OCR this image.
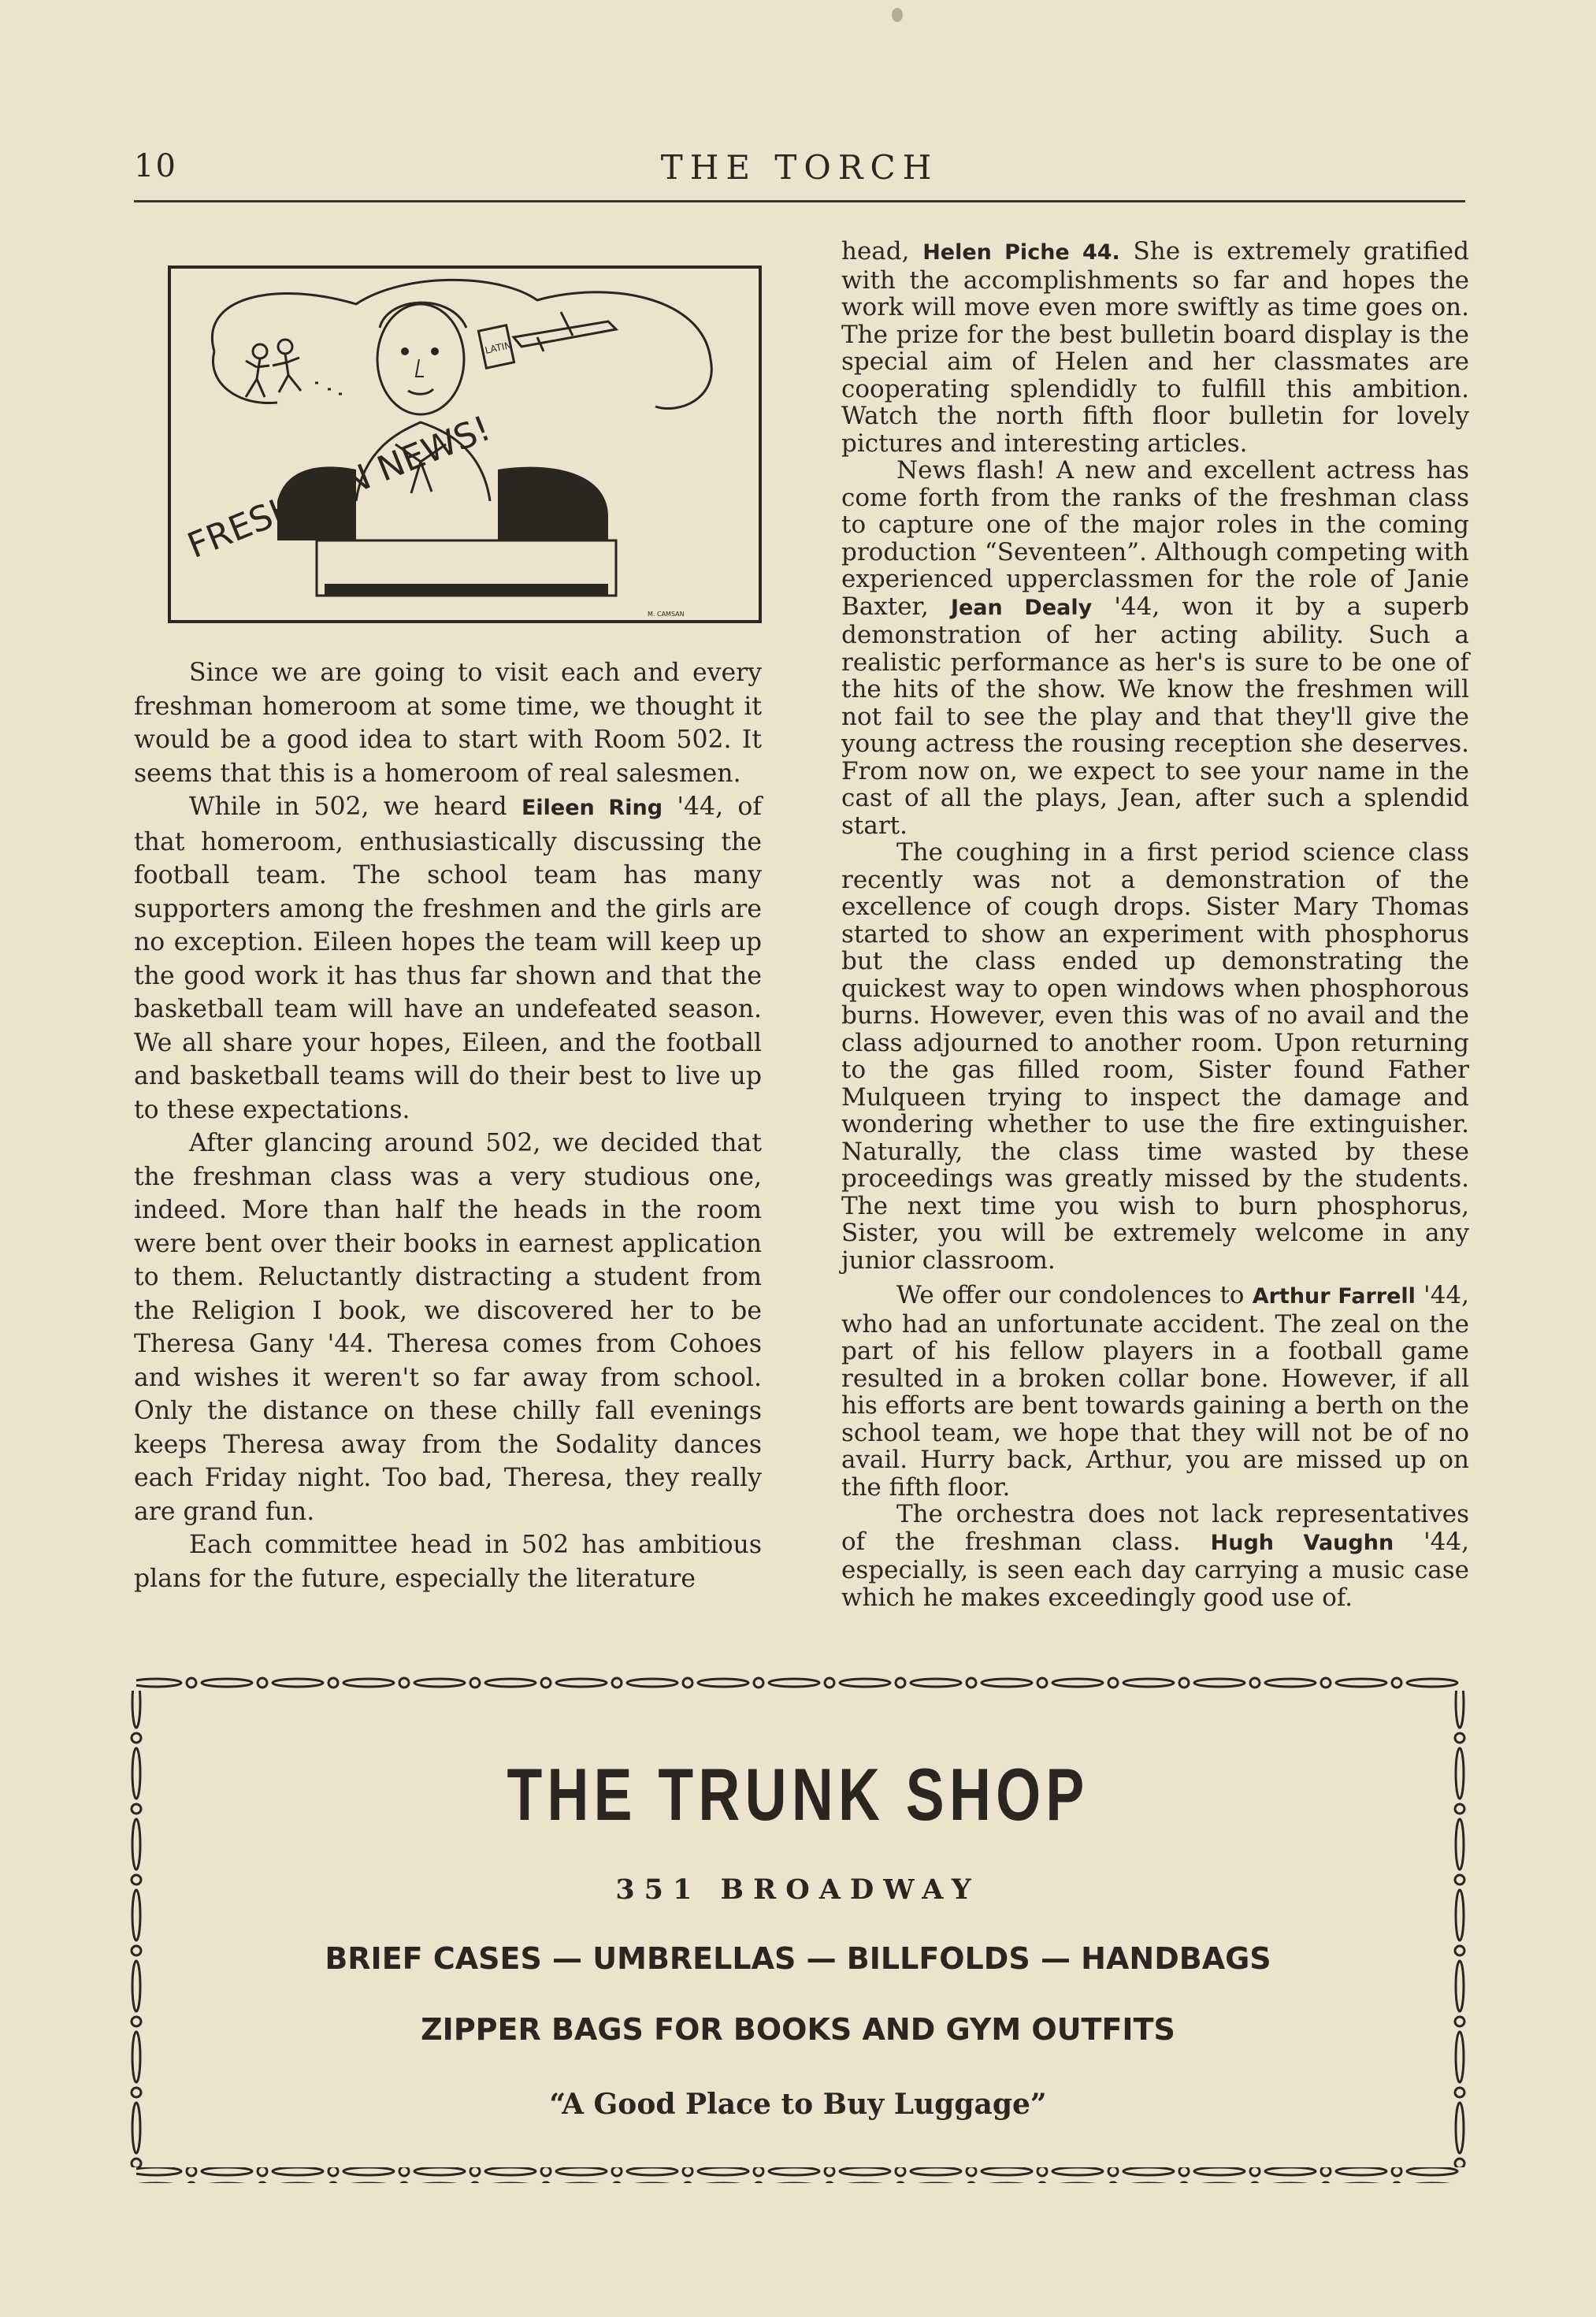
10	THE TORCH
LATIN
FRESHMAN NEWS!
M. CAMSAN

Since we are going to visit each and every freshman homeroom at some time, we thought it would be a good idea to start with Room 502. It seems that this is a homeroom of real salesmen.

While in 502, we heard Eileen Ring '44, of that homeroom, enthusiastically discussing the football team. The school team has many supporters among the freshmen and the girls are no exception. Eileen hopes the team will keep up the good work it has thus far shown and that the basketball team will have an undefeated season. We all share your hopes, Eileen, and the football and basketball teams will do their best to live up to these expectations.

After glancing around 502, we decided that the freshman class was a very studious one, indeed. More than half the heads in the room were bent over their books in earnest application to them. Reluctantly distracting a student from the Religion I book, we discovered her to be Theresa Gany '44. Theresa comes from Cohoes and wishes it weren't so far away from school. Only the distance on these chilly fall evenings keeps Theresa away from the Sodality dances each Friday night. Too bad, Theresa, they really are grand fun.

Each committee head in 502 has ambitious plans for the future, especially the literature

head, Helen Piche 44. She is extremely gratified with the accomplishments so far and hopes the work will move even more swiftly as time goes on. The prize for the best bulletin board display is the special aim of Helen and her classmates are cooperating splendidly to fulfill this ambition. Watch the north fifth floor bulletin for lovely pictures and interesting articles.

News flash! A new and excellent actress has come forth from the ranks of the freshman class to capture one of the major roles in the coming production “Seventeen”. Although competing with experienced upperclassmen for the role of Janie Baxter, Jean Dealy '44, won it by a superb demonstration of her acting ability. Such a realistic performance as her's is sure to be one of the hits of the show. We know the freshmen will not fail to see the play and that they'll give the young actress the rousing reception she deserves. From now on, we expect to see your name in the cast of all the plays, Jean, after such a splendid start.

The coughing in a first period science class recently was not a demonstration of the excellence of cough drops. Sister Mary Thomas started to show an experiment with phosphorus but the class ended up demonstrating the quickest way to open windows when phosphorous burns. However, even this was of no avail and the class adjourned to another room. Upon returning to the gas filled room, Sister found Father Mulqueen trying to inspect the damage and wondering whether to use the fire extinguisher. Naturally, the class time wasted by these proceedings was greatly missed by the students. The next time you wish to burn phosphorus, Sister, you will be extremely welcome in any junior classroom.

We offer our condolences to Arthur Farrell '44, who had an unfortunate accident. The zeal on the part of his fellow players in a football game resulted in a broken collar bone. However, if all his efforts are bent towards gaining a berth on the school team, we hope that they will not be of no avail. Hurry back, Arthur, you are missed up on the fifth floor.

The orchestra does not lack representatives of the freshman class. Hugh Vaughn '44, especially, is seen each day carrying a music case which he makes exceedingly good use of.

THE TRUNK SHOP
351 BROADWAY
BRIEF CASES — UMBRELLAS — BILLFOLDS — HANDBAGS
ZIPPER BAGS FOR BOOKS AND GYM OUTFITS
“A Good Place to Buy Luggage”
